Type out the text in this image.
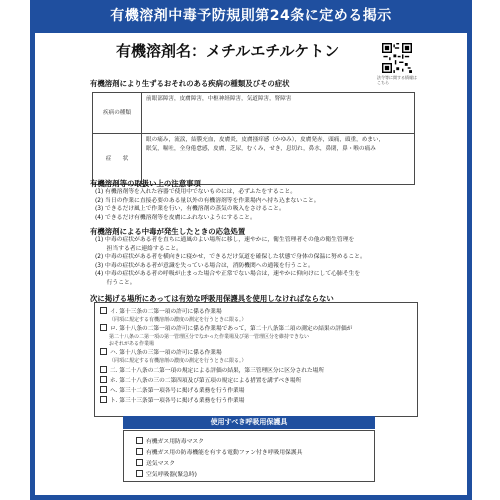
有機溶剤中毒予防規則第24条に定める掲示
有機溶剤名：メチルエチルケトン
法令等に関する情報はこちら
有機溶剤により生ずるおそれのある疾病の種類及びその症状
疾病の種類	前眼部障害，皮膚障害，中枢神経障害，気道障害，腎障害
症　　状	眼の痛み，流涙，結膜充血，皮膚炎，皮膚掻痒感（かゆみ），皮膚発赤，頭痛，頭重，めまい，
眠気，嘔吐，全身倦怠感，皮膚，乏尿，むくみ，せき，息切れ，鼻水，鼻閉，鼻・喉の痛み
有機溶剤等の取扱い上の注意事項
(1) 有機溶剤等を入れた容器で使用中でないものには，必ずふたをすること。
(2) 当日の作業に直接必要のある量以外の有機溶剤等を作業場内へ持ち込まないこと。
(3) できるだけ風上で作業を行い，有機溶剤の蒸気の吸入をさけること。
(4) できるだけ有機溶剤等を皮膚にふれないようにすること。
有機溶剤による中毒が発生したときの応急処置
(1) 中毒の症状がある者を直ちに通風のよい場所に移し，速やかに，衛生管理者その他の衛生管理を
　　担当する者に連絡すること。
(2) 中毒の症状がある者を横向きに寝かせ，できるだけ気道を確保した状態で身体の保温に努めること。
(3) 中毒の症状がある者が意識を失っている場合は，消防機関への通報を行うこと。
(4) 中毒の症状がある者の呼吸が止まった場合や正常でない場合は，速やかに仰向けにして心肺そ生を
　　行うこと。
次に掲げる場所にあっては有効な呼吸用保護具を使用しなければならない
イ. 第十三条の二第一項の許可に係る作業場
（同項に規定する有機溶剤の濃度の測定を行うときに限る。）
ロ. 第十八条の二第一項の許可に係る作業場であって，第二十八条第二項の測定の結果の評価が
第二十八条の二第一項の第一管理区分でなかった作業場及び第一管理区分を維持できない
おそれがある作業場
ハ. 第十八条の三第一項の許可に係る作業場
（同項に規定する有機溶剤の濃度の測定を行うときに限る。）
二. 第二十八条の二第一項の規定による評価の結果，第三管理区分に区分された場所
ホ. 第二十八条の三の二第四項及び第五項の規定による措置を講ずべき場所
ヘ. 第三十二条第一項各号に掲げる業務を行う作業場
ト. 第三十三条第一項各号に掲げる業務を行う作業場
使用すべき呼吸用保護具
有機ガス用防毒マスク
有機ガス用の防毒機能を有する電動ファン付き呼吸用保護具
送気マスク
空気呼吸器(緊急時)
412534
